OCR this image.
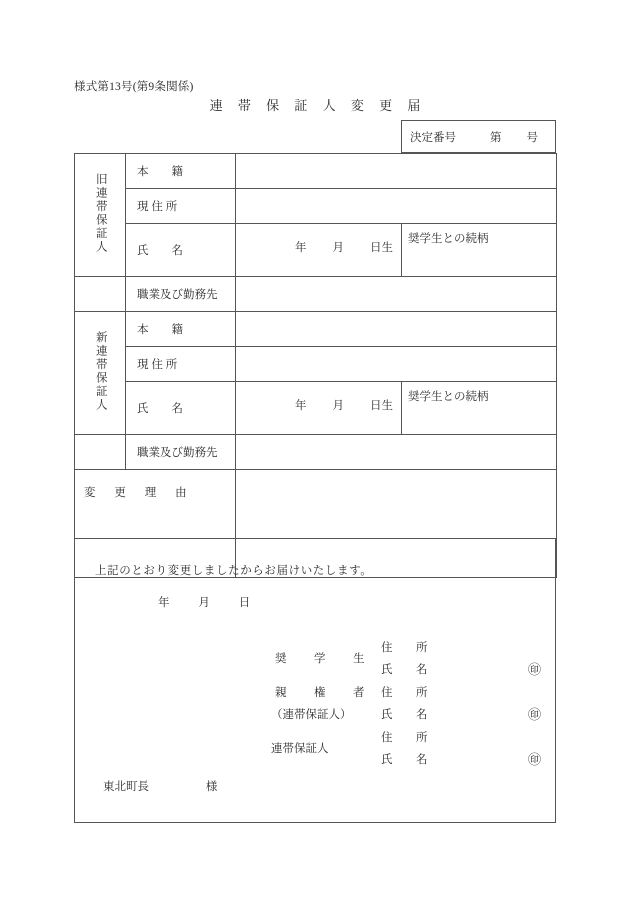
様式第13号(第9条関係)
連 帯 保 証 人 変 更 届
決定番号	第 号
旧連帯保証人	本　　籍		
	現 住 所		
	氏　　名	年 月 日生	奨学生との続柄
	職業及び勤務先		
新連帯保証人	本　　籍		
	現 住 所		
	氏　　名	年 月 日生	奨学生との続柄
	職業及び勤務先		
変 更 理 由			
上記のとおり変更しましたからお届けいたします。
年	月	日
奨　学　生
住　所
氏　名	㊞
親　権　者
（連帯保証人）
住　所
氏　名	㊞
連帯保証人
住　所
氏　名	㊞
東北町長	様
